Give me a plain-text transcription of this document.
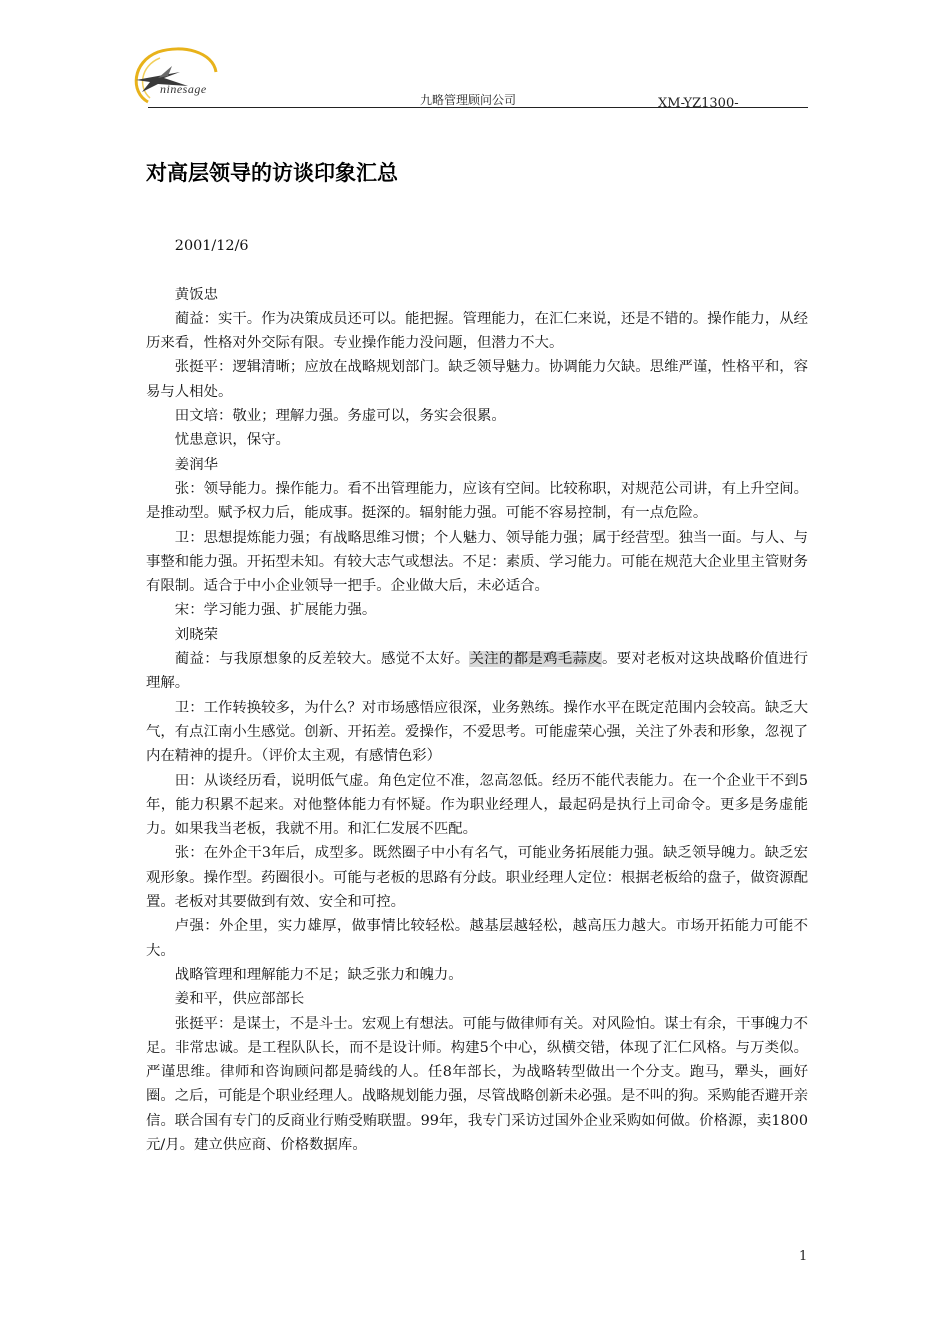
ninesage
九略管理顾问公司	XM-YZ1300-
对高层领导的访谈印象汇总

2001/12/6

黄饭忠

蔺益：实干。作为决策成员还可以。能把握。管理能力，在汇仁来说，还是不错的。操作能力，从经历来看，性格对外交际有限。专业操作能力没问题，但潜力不大。

张挺平：逻辑清晰；应放在战略规划部门。缺乏领导魅力。协调能力欠缺。思维严谨，性格平和，容易与人相处。

田文培：敬业；理解力强。务虚可以，务实会很累。

忧患意识，保守。

姜润华

张：领导能力。操作能力。看不出管理能力，应该有空间。比较称职，对规范公司讲，有上升空间。是推动型。赋予权力后，能成事。挺深的。辐射能力强。可能不容易控制，有一点危险。

卫：思想提炼能力强；有战略思维习惯；个人魅力、领导能力强；属于经营型。独当一面。与人、与事整和能力强。开拓型未知。有较大志气或想法。不足：素质、学习能力。可能在规范大企业里主管财务有限制。适合于中小企业领导一把手。企业做大后，未必适合。

宋：学习能力强、扩展能力强。

刘晓荣

蔺益：与我原想象的反差较大。感觉不太好。关注的都是鸡毛蒜皮。要对老板对这块战略价值进行理解。

卫：工作转换较多，为什么？对市场感悟应很深，业务熟练。操作水平在既定范围内会较高。缺乏大气，有点江南小生感觉。创新、开拓差。爱操作，不爱思考。可能虚荣心强，关注了外表和形象，忽视了内在精神的提升。（评价太主观，有感情色彩）

田：从谈经历看，说明低气虚。角色定位不准，忽高忽低。经历不能代表能力。在一个企业干不到5年，能力积累不起来。对他整体能力有怀疑。作为职业经理人，最起码是执行上司命令。更多是务虚能力。如果我当老板，我就不用。和汇仁发展不匹配。

张：在外企干3年后，成型多。既然圈子中小有名气，可能业务拓展能力强。缺乏领导魄力。缺乏宏观形象。操作型。药圈很小。可能与老板的思路有分歧。职业经理人定位：根据老板给的盘子，做资源配置。老板对其要做到有效、安全和可控。

卢强：外企里，实力雄厚，做事情比较轻松。越基层越轻松，越高压力越大。市场开拓能力可能不大。

战略管理和理解能力不足；缺乏张力和魄力。

姜和平，供应部部长

张挺平：是谋士，不是斗士。宏观上有想法。可能与做律师有关。对风险怕。谋士有余，干事魄力不足。非常忠诚。是工程队队长，而不是设计师。构建5个中心，纵横交错，体现了汇仁风格。与万类似。严谨思维。律师和咨询顾问都是骑线的人。任8年部长，为战略转型做出一个分支。跑马，犟头，画好圈。之后，可能是个职业经理人。战略规划能力强，尽管战略创新未必强。是不叫的狗。采购能否避开亲信。联合国有专门的反商业行贿受贿联盟。99年，我专门采访过国外企业采购如何做。价格源，卖1800元/月。建立供应商、价格数据库。

1
